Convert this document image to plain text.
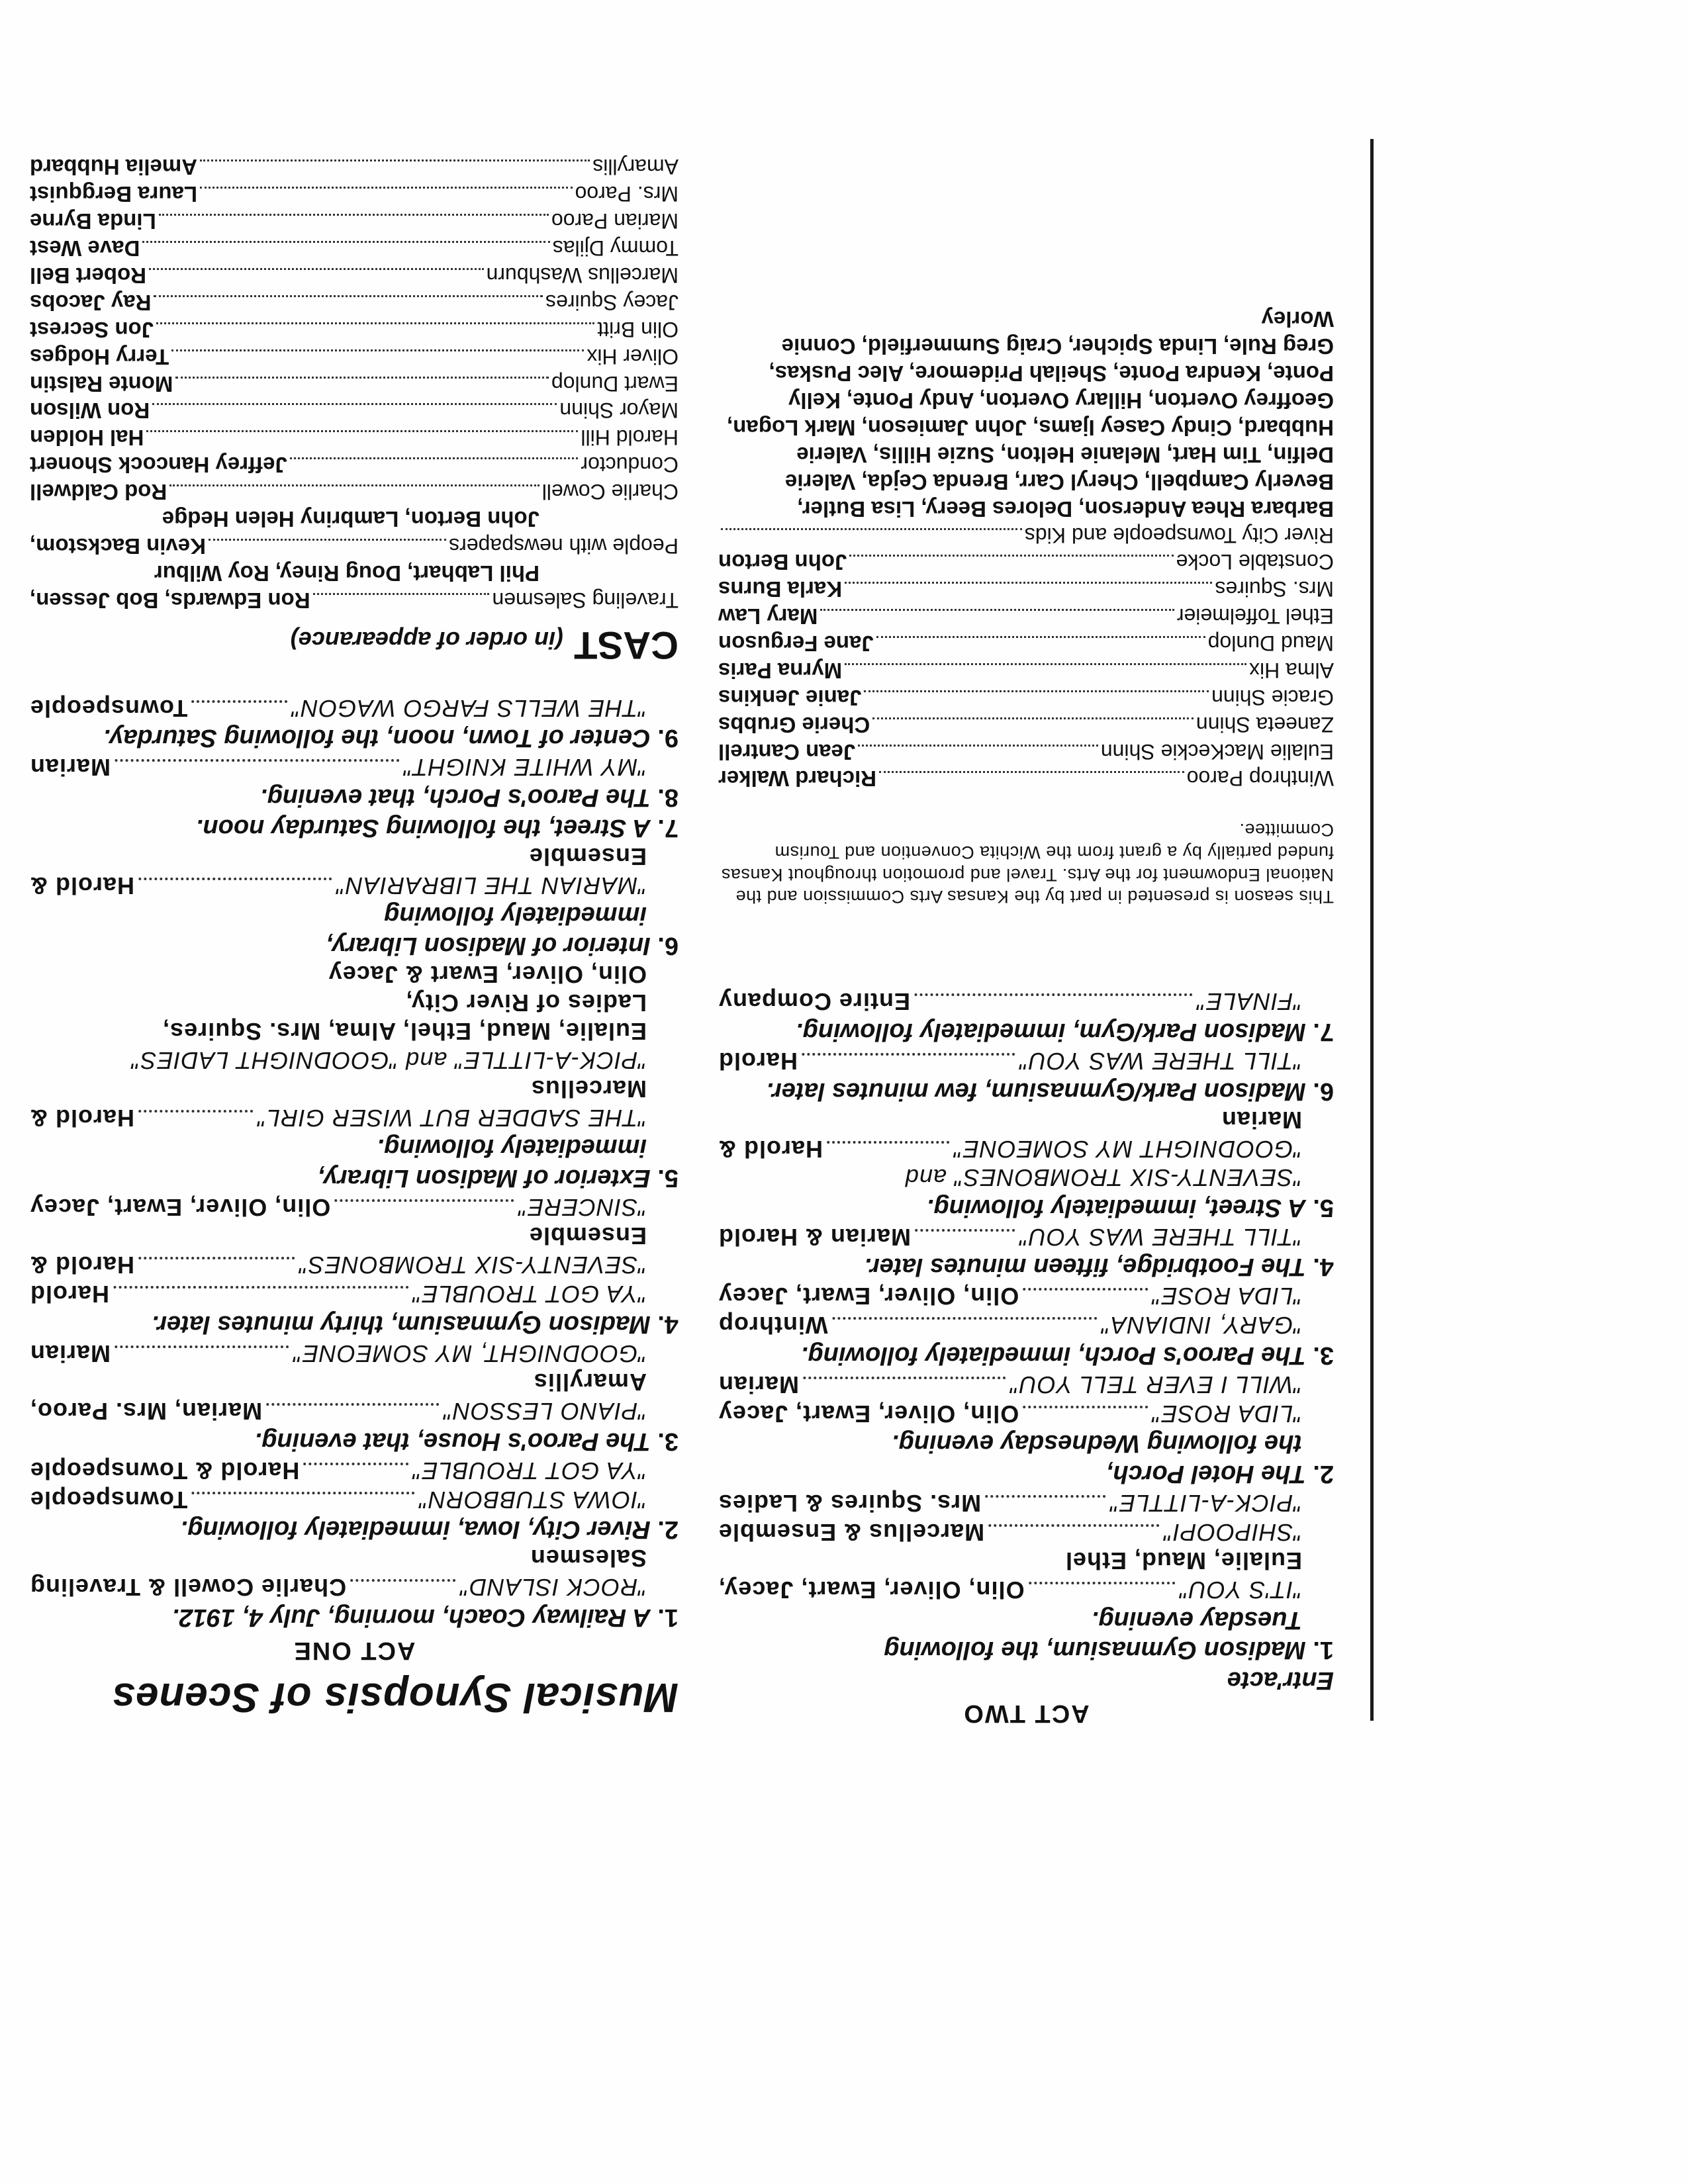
ACT TWO
Entr'acte
1. Madison Gymnasium, the following
Tuesday evening.
"IT'S YOU"
Olin, Oliver, Ewart, Jacey,
Eulalie, Maud, Ethel
"SHIPOOPI"
Marcellus & Ensemble
"PICK-A-LITTLE"
Mrs. Squires & Ladies
2. The Hotel Porch,
the following Wednesday evening.
"LIDA ROSE"
Olin, Oliver, Ewart, Jacey
"WILL I EVER TELL YOU"
Marian
3. The Paroo's Porch, immediately following.
"GARY, INDIANA"
Winthrop
"LIDA ROSE"
Olin, Oliver, Ewart, Jacey
4. The Footbridge, fifteen minutes later.
"TILL THERE WAS YOU"
Marian & Harold
5. A Street, immediately following.
"SEVENTY-SIX TROMBONES" and
"GOODNIGHT MY SOMEONE"
Harold &
Marian
6. Madison Park/Gymnasium, few minutes later.
"TILL THERE WAS YOU"
Harold
7. Madison Park/Gym, immediately following.
"FINALE"
Entire Company
This season is presented in part by the Kansas Arts Commission and the National Endowment for the Arts. Travel and promotion throughout Kansas funded partially by a grant from the Wichita Convention and Tourism Committee.
Winthrop Paroo
Richard Walker
Eulalie MacKeckie Shinn
Jean Cantrell
Zaneeta Shinn
Cherie Grubbs
Gracie Shinn
Janie Jenkins
Alma Hix
Myrna Paris
Maud Dunlop
Jane Ferguson
Ethel Toffelmeier
Mary Law
Mrs. Squires
Karla Burns
Constable Locke
John Berton
River City Townspeople and Kids
Barbara Rhea Anderson, Delores Beery, Lisa Butler, Beverly Campbell, Cheryl Carr, Brenda Cejda, Valerie Delfin, Tim Hart, Melanie Helton, Suzie Hillis, Valerie Hubbard, Cindy Casey Ijams, John Jamieson, Mark Logan, Geoffrey Overton, Hillary Overton, Andy Ponte, Kelly Ponte, Kendra Ponte, Sheilah Pridemore, Alec Puskas, Greg Rule, Linda Spicher, Craig Summerfield, Connie Worley
Musical Synopsis of Scenes
ACT ONE
1. A Railway Coach, morning, July 4, 1912.
"ROCK ISLAND"
Charlie Cowell & Traveling
Salesmen
2. River City, Iowa, immediately following.
"IOWA STUBBORN"
Townspeople
"YA GOT TROUBLE"
Harold & Townspeople
3. The Paroo's House, that evening.
"PIANO LESSON"
Marian, Mrs. Paroo,
Amaryllis
"GOODNIGHT, MY SOMEONE"
Marian
4. Madison Gymnasium, thirty minutes later.
"YA GOT TROUBLE"
Harold
"SEVENTY-SIX TROMBONES"
Harold &
Ensemble
"SINCERE"
Olin, Oliver, Ewart, Jacey
5. Exterior of Madison Library,
immediately following.
"THE SADDER BUT WISER GIRL"
Harold &
Marcellus
"PICK-A-LITTLE" and "GOODNIGHT LADIES"
Eulalie, Maud, Ethel, Alma, Mrs. Squires,
Ladies of River City,
Olin, Oliver, Ewart & Jacey
6. Interior of Madison Library,
immediately following
"MARIAN THE LIBRARIAN"
Harold &
Ensemble
7. A Street, the following Saturday noon.
8. The Paroo's Porch, that evening.
"MY WHITE KNIGHT"
Marian
9. Center of Town, noon, the following Saturday.
"THE WELLS FARGO WAGON"
Townspeople
CAST (in order of appearance)
Traveling Salesmen
Ron Edwards, Bob Jessen,
Phil Labhart, Doug Riney, Roy Wilbur
People with newspapers
Kevin Backstom,
John Berton, Lambriny Helen Hedge
Charlie Cowell
Rod Caldwell
Conductor
Jeffrey Hancock Shonert
Harold Hill
Hal Holden
Mayor Shinn
Ron Wilson
Ewart Dunlop
Monte Ralstin
Oliver Hix
Terry Hodges
Olin Britt
Jon Secrest
Jacey Squires
Ray Jacobs
Marcellus Washburn
Robert Bell
Tommy Djilas
Dave West
Marian Paroo
Linda Byrne
Mrs. Paroo
Laura Bergquist
Amaryllis
Amelia Hubbard
